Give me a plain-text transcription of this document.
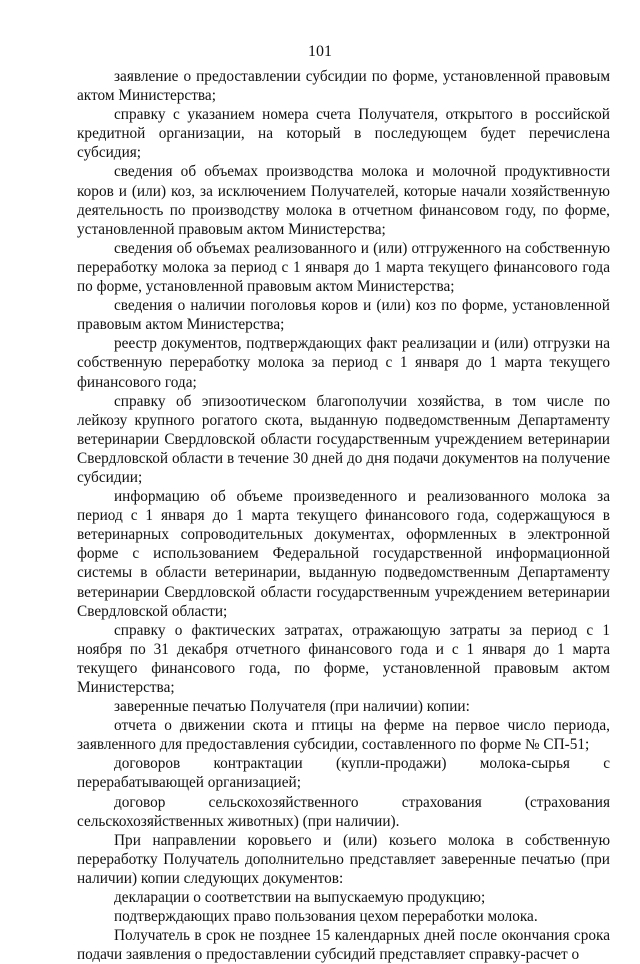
101

заявление о предоставлении субсидии по форме, установленной правовым актом Министерства;

справку с указанием номера счета Получателя, открытого в российской кредитной организации, на который в последующем будет перечислена субсидия;

сведения об объемах производства молока и молочной продуктивности коров и (или) коз, за исключением Получателей, которые начали хозяйственную деятельность по производству молока в отчетном финансовом году, по форме, установленной правовым актом Министерства;

сведения об объемах реализованного и (или) отгруженного на собственную переработку молока за период с 1 января до 1 марта текущего финансового года по форме, установленной правовым актом Министерства;

сведения о наличии поголовья коров и (или) коз по форме, установленной правовым актом Министерства;

реестр документов, подтверждающих факт реализации и (или) отгрузки на собственную переработку молока за период с 1 января до 1 марта текущего финансового года;

справку об эпизоотическом благополучии хозяйства, в том числе по лейкозу крупного рогатого скота, выданную подведомственным Департаменту ветеринарии Свердловской области государственным учреждением ветеринарии Свердловской области в течение 30 дней до дня подачи документов на получение субсидии;

информацию об объеме произведенного и реализованного молока за период с 1 января до 1 марта текущего финансового года, содержащуюся в ветеринарных сопроводительных документах, оформленных в электронной форме с использованием Федеральной государственной информационной системы в области ветеринарии, выданную подведомственным Департаменту ветеринарии Свердловской области государственным учреждением ветеринарии Свердловской области;

справку о фактических затратах, отражающую затраты за период с 1 ноября по 31 декабря отчетного финансового года и с 1 января до 1 марта текущего финансового года, по форме, установленной правовым актом Министерства;

заверенные печатью Получателя (при наличии) копии:

отчета о движении скота и птицы на ферме на первое число периода, заявленного для предоставления субсидии, составленного по форме № СП-51;

договоров контрактации (купли-продажи) молока-сырья с перерабатывающей организацией;

договор сельскохозяйственного страхования (страхования сельскохозяйственных животных) (при наличии).

При направлении коровьего и (или) козьего молока в собственную переработку Получатель дополнительно представляет заверенные печатью (при наличии) копии следующих документов:

декларации о соответствии на выпускаемую продукцию;

подтверждающих право пользования цехом переработки молока.

Получатель в срок не позднее 15 календарных дней после окончания срока подачи заявления о предоставлении субсидий представляет справку-расчет о
